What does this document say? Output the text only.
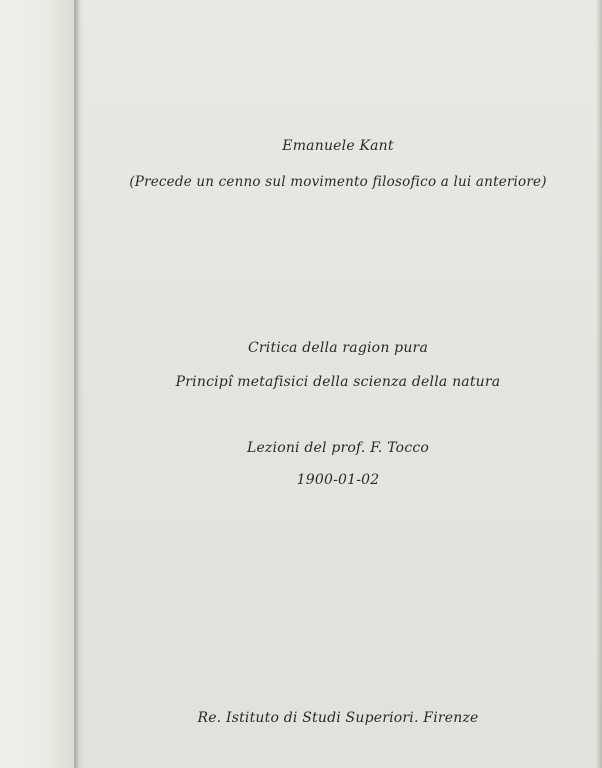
Emanuele Kant
(Precede un cenno sul movimento filosofico a lui anteriore)
Critica della ragion pura
Principî metafisici della scienza della natura
Lezioni del prof. F. Tocco
1900-01-02
Re. Istituto di Studi Superiori. Firenze
